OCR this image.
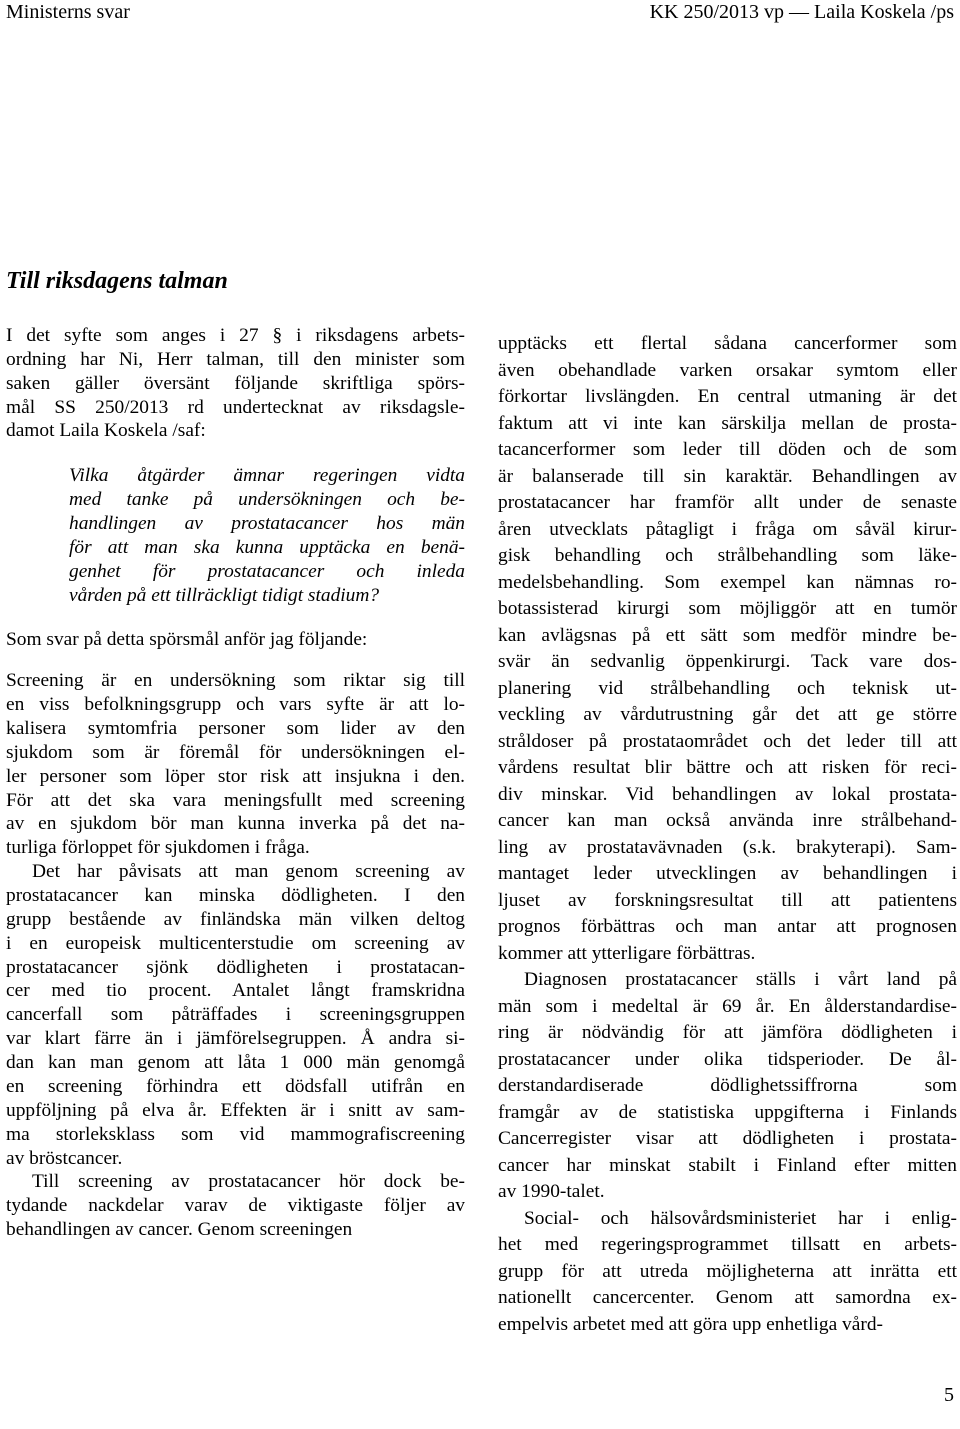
Ministerns svar	KK 250/2013 vp — Laila Koskela /ps
Till riksdagens talman
I det syfte som anges i 27 § i riksdagens arbets-
ordning har Ni, Herr talman, till den minister som
saken gäller översänt följande skriftliga spörs-
mål SS 250/2013 rd undertecknat av riksdagsle-
damot Laila Koskela /saf:
Vilka åtgärder ämnar regeringen vidta
med tanke på undersökningen och be-
handlingen av prostatacancer hos män
för att man ska kunna upptäcka en benä-
genhet för prostatacancer och inleda
vården på ett tillräckligt tidigt stadium?
Som svar på detta spörsmål anför jag följande:
Screening är en undersökning som riktar sig till
en viss befolkningsgrupp och vars syfte är att lo-
kalisera symtomfria personer som lider av den
sjukdom som är föremål för undersökningen el-
ler personer som löper stor risk att insjukna i den.
För att det ska vara meningsfullt med screening
av en sjukdom bör man kunna inverka på det na-
turliga förloppet för sjukdomen i fråga.
Det har påvisats att man genom screening av
prostatacancer kan minska dödligheten. I den
grupp bestående av finländska män vilken deltog
i en europeisk multicenterstudie om screening av
prostatacancer sjönk dödligheten i prostatacan-
cer med tio procent. Antalet långt framskridna
cancerfall som påträffades i screeningsgruppen
var klart färre än i jämförelsegruppen. Å andra si-
dan kan man genom att låta 1 000 män genomgå
en screening förhindra ett dödsfall utifrån en
uppföljning på elva år. Effekten är i snitt av sam-
ma storleksklass som vid mammografiscreening
av bröstcancer.
Till screening av prostatacancer hör dock be-
tydande nackdelar varav de viktigaste följer av
behandlingen av cancer. Genom screeningen
upptäcks ett flertal sådana cancerformer som
även obehandlade varken orsakar symtom eller
förkortar livslängden. En central utmaning är det
faktum att vi inte kan särskilja mellan de prosta-
tacancerformer som leder till döden och de som
är balanserade till sin karaktär. Behandlingen av
prostatacancer har framför allt under de senaste
åren utvecklats påtagligt i fråga om såväl kirur-
gisk behandling och strålbehandling som läke-
medelsbehandling. Som exempel kan nämnas ro-
botassisterad kirurgi som möjliggör att en tumör
kan avlägsnas på ett sätt som medför mindre be-
svär än sedvanlig öppenkirurgi. Tack vare dos-
planering vid strålbehandling och teknisk ut-
veckling av vårdutrustning går det att ge större
stråldoser på prostataområdet och det leder till att
vårdens resultat blir bättre och att risken för reci-
div minskar. Vid behandlingen av lokal prostata-
cancer kan man också använda inre strålbehand-
ling av prostatavävnaden (s.k. brakyterapi). Sam-
mantaget leder utvecklingen av behandlingen i
ljuset av forskningsresultat till att patientens
prognos förbättras och man antar att prognosen
kommer att ytterligare förbättras.
Diagnosen prostatacancer ställs i vårt land på
män som i medeltal är 69 år. En ålderstandardise-
ring är nödvändig för att jämföra dödligheten i
prostatacancer under olika tidsperioder. De ål-
derstandardiserade dödlighetssiffrorna som
framgår av de statistiska uppgifterna i Finlands
Cancerregister visar att dödligheten i prostata-
cancer har minskat stabilt i Finland efter mitten
av 1990-talet.
Social- och hälsovårdsministeriet har i enlig-
het med regeringsprogrammet tillsatt en arbets-
grupp för att utreda möjligheterna att inrätta ett
nationellt cancercenter. Genom att samordna ex-
empelvis arbetet med att göra upp enhetliga vård-
5
